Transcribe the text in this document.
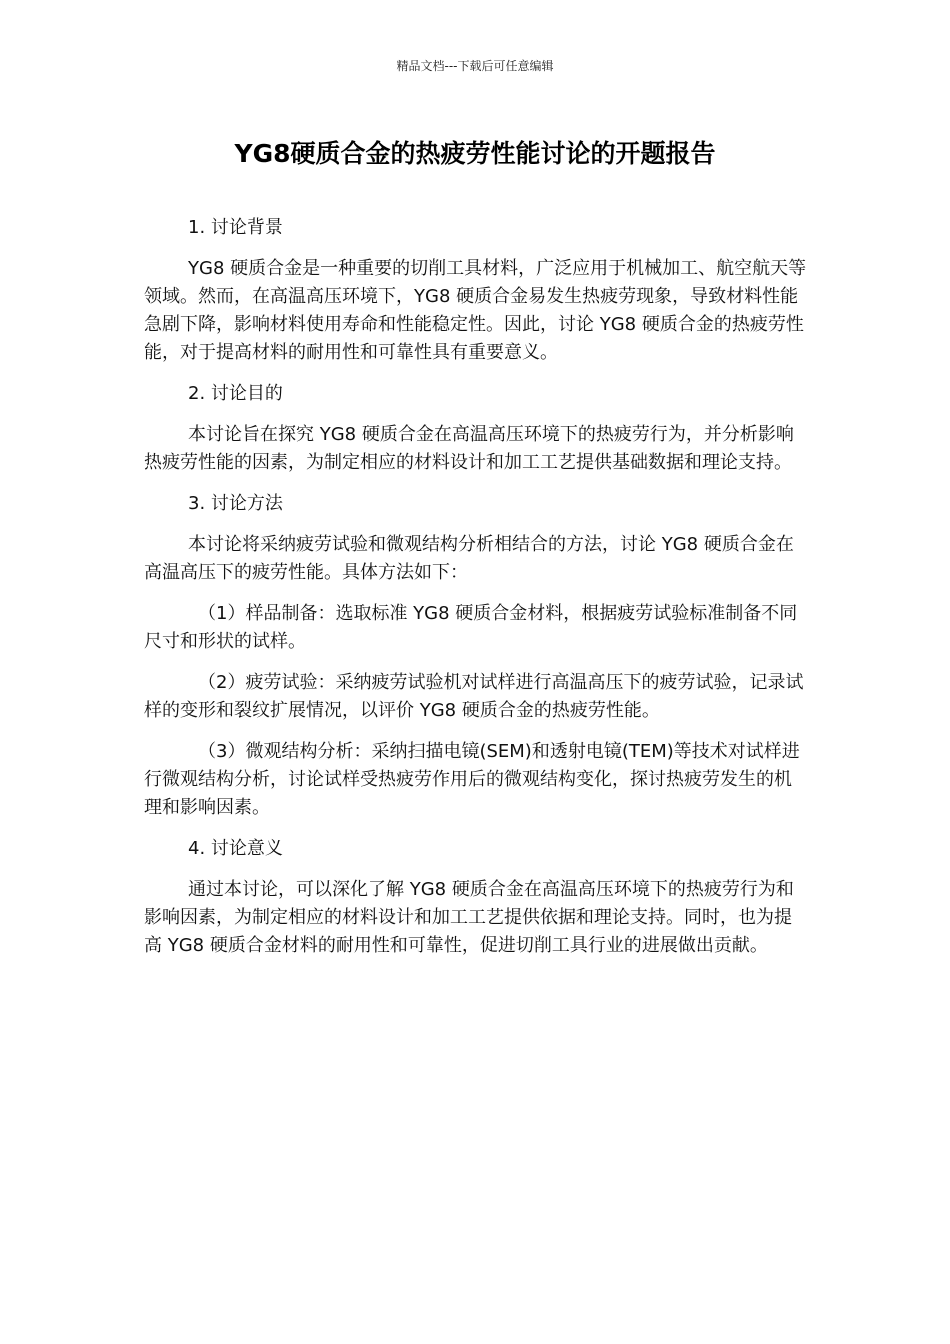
精品文档---下载后可任意编辑
YG8硬质合金的热疲劳性能讨论的开题报告

1. 讨论背景

YG8 硬质合金是一种重要的切削工具材料，广泛应用于机械加工、航空航天等领域。然而，在高温高压环境下，YG8 硬质合金易发生热疲劳现象，导致材料性能急剧下降，影响材料使用寿命和性能稳定性。因此，讨论 YG8 硬质合金的热疲劳性能，对于提高材料的耐用性和可靠性具有重要意义。

2. 讨论目的

本讨论旨在探究 YG8 硬质合金在高温高压环境下的热疲劳行为，并分析影响热疲劳性能的因素，为制定相应的材料设计和加工工艺提供基础数据和理论支持。

3. 讨论方法

本讨论将采纳疲劳试验和微观结构分析相结合的方法，讨论 YG8 硬质合金在高温高压下的疲劳性能。具体方法如下：

（1）样品制备：选取标准 YG8 硬质合金材料，根据疲劳试验标准制备不同尺寸和形状的试样。

（2）疲劳试验：采纳疲劳试验机对试样进行高温高压下的疲劳试验，记录试样的变形和裂纹扩展情况，以评价 YG8 硬质合金的热疲劳性能。

（3）微观结构分析：采纳扫描电镜(SEM)和透射电镜(TEM)等技术对试样进行微观结构分析，讨论试样受热疲劳作用后的微观结构变化，探讨热疲劳发生的机理和影响因素。

4. 讨论意义

通过本讨论，可以深化了解 YG8 硬质合金在高温高压环境下的热疲劳行为和影响因素，为制定相应的材料设计和加工工艺提供依据和理论支持。同时，也为提高 YG8 硬质合金材料的耐用性和可靠性，促进切削工具行业的进展做出贡献。
